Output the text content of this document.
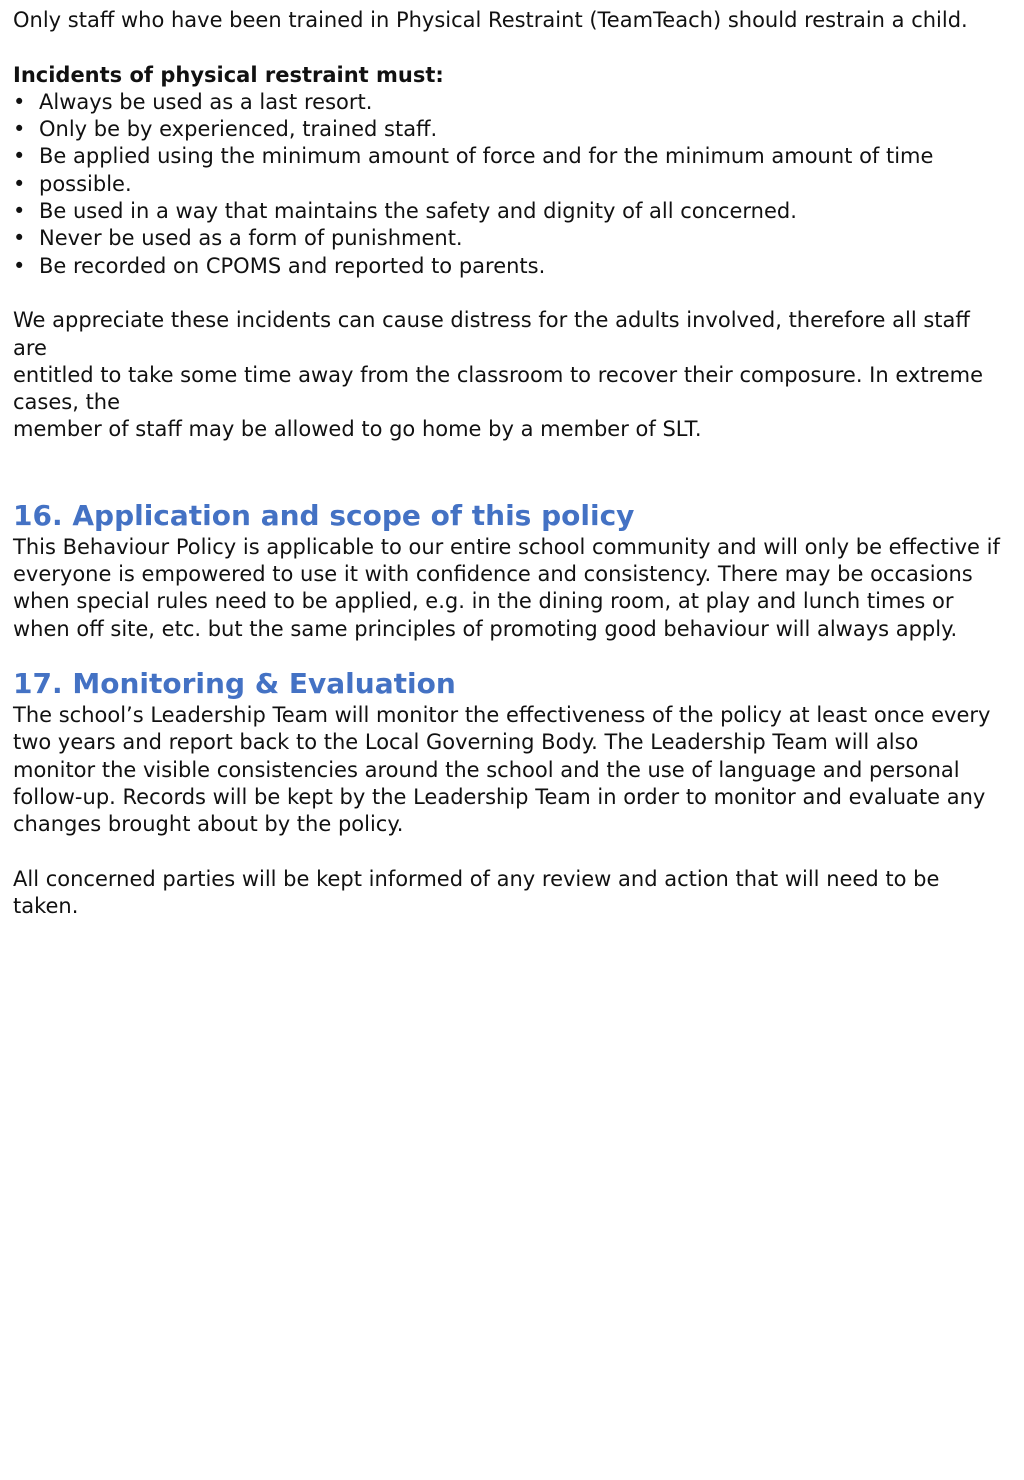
Only staff who have been trained in Physical Restraint (TeamTeach) should restrain a child.

Incidents of physical restraint must:

• Always be used as a last resort.
• Only be by experienced, trained staff.
• Be applied using the minimum amount of force and for the minimum amount of time
• possible.
• Be used in a way that maintains the safety and dignity of all concerned.
• Never be used as a form of punishment.
• Be recorded on CPOMS and reported to parents.

We appreciate these incidents can cause distress for the adults involved, therefore all staff
are
entitled to take some time away from the classroom to recover their composure. In extreme
cases, the
member of staff may be allowed to go home by a member of SLT.

16. Application and scope of this policy

This Behaviour Policy is applicable to our entire school community and will only be effective if
everyone is empowered to use it with confidence and consistency. There may be occasions
when special rules need to be applied, e.g. in the dining room, at play and lunch times or
when off site, etc. but the same principles of promoting good behaviour will always apply.

17. Monitoring & Evaluation

The school’s Leadership Team will monitor the effectiveness of the policy at least once every
two years and report back to the Local Governing Body. The Leadership Team will also
monitor the visible consistencies around the school and the use of language and personal
follow-up. Records will be kept by the Leadership Team in order to monitor and evaluate any
changes brought about by the policy.

All concerned parties will be kept informed of any review and action that will need to be
taken.
